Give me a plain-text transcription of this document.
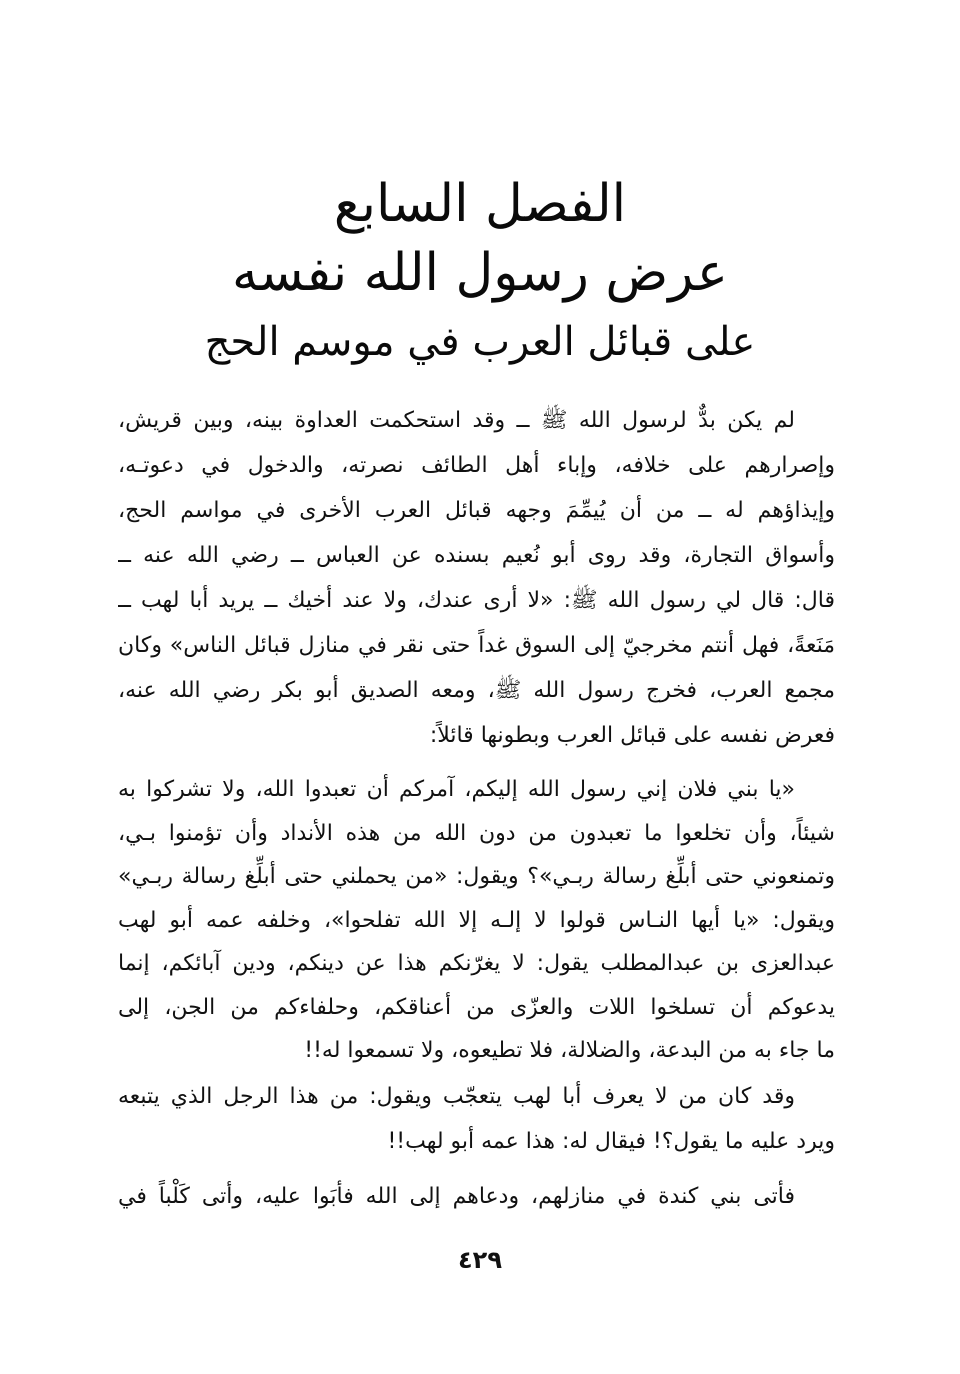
الفصل السابع
عرض رسول الله نفسه
على قبائل العرب في موسم الحج
لم يكن بدٌّ لرسول الله ﷺ ــ وقد استحكمت العداوة بينه، وبين قريش،
وإصرارهم على خلافه، وإباء أهل الطائف نصرته، والدخول في دعوتـه،
وإيذاؤهم له ــ من أن يُيمِّمَ وجهه قبائل العرب الأخرى في مواسم الحج،
وأسواق التجارة، وقد روى أبو نُعيم بسنده عن العباس ــ رضي الله عنه ــ
قال: قال لي رسول الله ﷺ: «لا أرى عندك، ولا عند أخيك ــ يريد أبا لهب ــ
مَنَعةً، فهل أنتم مخرجيّ إلى السوق غداً حتى نقر في منازل قبائل الناس» وكان
مجمع العرب، فخرج رسول الله ﷺ، ومعه الصديق أبو بكر رضي الله عنه،
فعرض نفسه على قبائل العرب وبطونها قائلاً:
«يا بني فلان إني رسول الله إليكم، آمركم أن تعبدوا الله، ولا تشركوا به
شيئاً، وأن تخلعوا ما تعبدون من دون الله من هذه الأنداد وأن تؤمنوا بـي،
وتمنعوني حتى أبلِّغ رسالة ربـي»؟ ويقول: «من يحملني حتى أبلِّغ رسالة ربـي»
ويقول: «يا أيها النـاس قولوا لا إلـه إلا الله تفلحوا»، وخلفه عمه أبو لهب
عبدالعزى بن عبدالمطلب يقول: لا يغرّنكم هذا عن دينكم، ودين آبائكم، إنما
يدعوكم أن تسلخوا اللات والعزّى من أعناقكم، وحلفاءكم من الجن، إلى
ما جاء به من البدعة، والضلالة، فلا تطيعوه، ولا تسمعوا له!!
وقد كان من لا يعرف أبا لهب يتعجّب ويقول: من هذا الرجل الذي يتبعه
ويرد عليه ما يقول؟! فيقال له: هذا عمه أبو لهب!!
فأتى بني كندة في منازلهم، ودعاهم إلى الله فأبَوا عليه، وأتى كَلْباً في
٤٢٩
